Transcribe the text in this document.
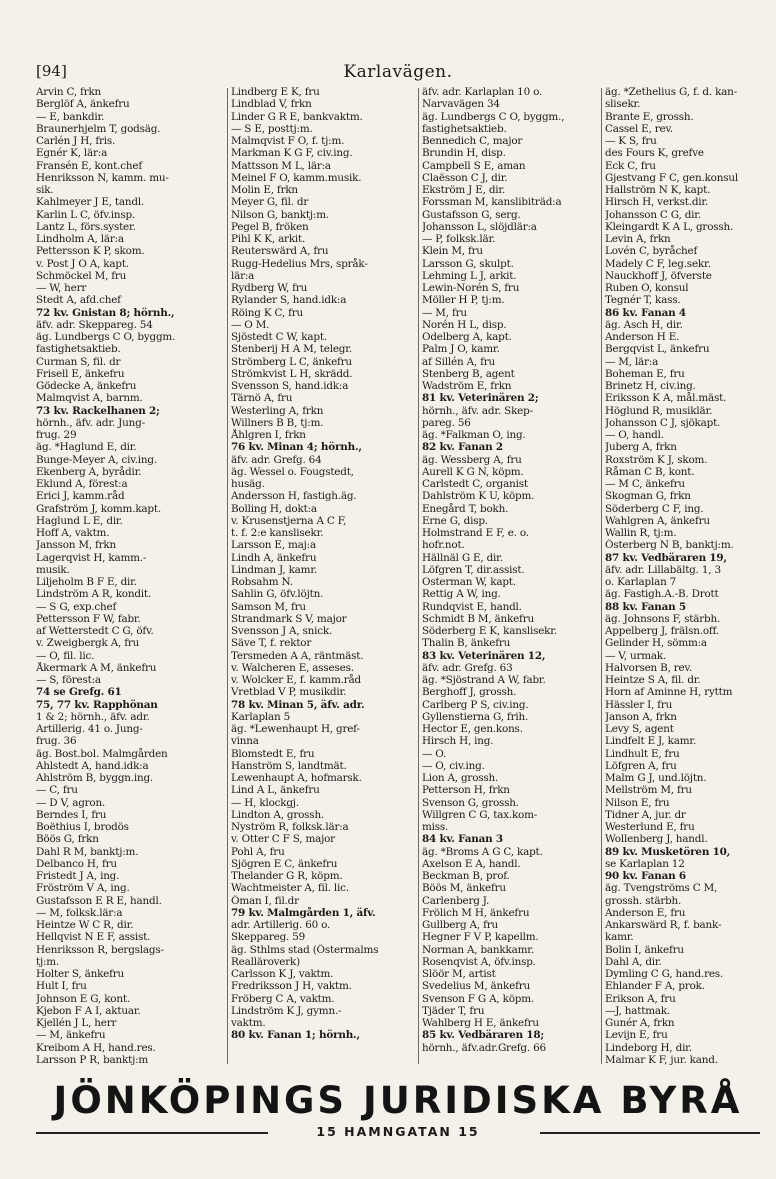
[94]	Karlavägen.
Arvin C, frkn
Berglöf A, änkefru
— E, bankdir.
Braunerhjelm T, godsäg.
Carlén J H, fris.
Egnér K, lär:a
Fransén E, kont.chef
Henriksson N, kamm. mu-
sik.
Kahlmeyer J E, tandl.
Karlin L C, öfv.insp.
Lantz L, förs.syster.
Lindholm A, lär:a
Pettersson K P, skom.
v. Post J O A, kapt.
Schmöckel M, fru
— W, herr
Stedt A, afd.chef
72 kv. Gnistan 8; hörnh.,
äfv. adr. Skeppareg. 54
äg. Lundbergs C O, byggm.
fastighetsaktieb.
Curman S, fil. dr
Frisell E, änkefru
Gödecke A, änkefru
Malmqvist A, barnm.
73 kv. Rackelhanen 2;
hörnh., äfv. adr. Jung-
frug. 29
äg. *Haglund E, dir.
Bunge-Meyer A, civ.ing.
Ekenberg A, byrådir.
Eklund A, förest:a
Erici J, kamm.råd
Grafström J, komm.kapt.
Haglund L E, dir.
Hoff A, vaktm.
Jansson M, frkn
Lagerqvist H, kamm.-
musik.
Liljeholm B F E, dir.
Lindström A R, kondit.
— S G, exp.chef
Pettersson F W, fabr.
af Wetterstedt C G, öfv.
v. Zweigbergk A, fru
— O, fil. lic.
Åkermark A M, änkefru
— S, förest:a
74 se Grefg. 61
75, 77 kv. Rapphönan
1 & 2; hörnh., äfv. adr.
Artillerig. 41 o. Jung-
frug. 36
äg. Bost.bol. Malmgården
Ahlstedt A, hand.idk:a
Ahlström B, byggn.ing.
— C, fru
— D V, agron.
Berndes I, fru
Boëthius I, brodös
Böös G, frkn
Dahl R M, banktj:m.
Delbanco H, fru
Fristedt J A, ing.
Fröström V A, ing.
Gustafsson E R E, handl.
— M, folksk.lär:a
Heintze W C R, dir.
Hellqvist N E F, assist.
Henriksson R, bergslags-
tj:m.
Holter S, änkefru
Hult I, fru
Johnson E G, kont.
Kjebon F A I, aktuar.
Kjellén J L, herr
— M, änkefru
Kreibom A H, hand.res.
Larsson P R, banktj:m
Lindberg E K, fru
Lindblad V, frkn
Linder G R E, bankvaktm.
— S E, posttj:m.
Malmqvist F O, f. tj:m.
Markman K G F, civ.ing.
Mattsson M L, lär:a
Meinel F O, kamm.musik.
Molin E, frkn
Meyer G, fil. dr
Nilson G, banktj:m.
Pegel B, fröken
Pihl K K, arkit.
Reuterswärd A, fru
Rugg-Hedelius Mrs, språk-
lär:a
Rydberg W, fru
Rylander S, hand.idk:a
Röing K C, fru
— O M.
Sjöstedt C W, kapt.
Stenberij H A M, telegr.
Strömberg L C, änkefru
Strömkvist L H, skrädd.
Svensson S, hand.idk:a
Tärnö A, fru
Westerling A, frkn
Willners B B, tj:m.
Åhlgren I, frkn
76 kv. Minan 4; hörnh.,
äfv. adr. Grefg. 64
äg. Wessel o. Fougstedt,
husäg.
Andersson H, fastigh.äg.
Bolling H, dokt:a
v. Krusenstjerna A C F,
t. f. 2:e kanslisekr.
Larsson E, maj:a
Lindh A, änkefru
Lindman J, kamr.
Robsahm N.
Sahlin G, öfv.löjtn.
Samson M, fru
Strandmark S V, major
Svensson J A, snick.
Säve T, f. rektor
Tersmeden A A, räntmäst.
v. Walcheren E, asseses.
v. Wolcker E, f. kamm.råd
Vretblad V P, musikdir.
78 kv. Minan 5, äfv. adr.
Karlaplan 5
äg. *Lewenhaupt H, gref-
vinna
Blomstedt E, fru
Hanström S, landtmät.
Lewenhaupt A, hofmarsk.
Lind A L, änkefru
— H, klockgj.
Lindton A, grossh.
Nyström R, folksk.lär:a
v. Otter C F S, major
Pohl A, fru
Sjögren E C, änkefru
Thelander G R, köpm.
Wachtmeister A, fil. lic.
Öman I, fil.dr
79 kv. Malmgården 1, äfv.
adr. Artillerig. 60 o.
Skeppareg. 59
äg. Sthlms stad (Östermalms
Realläroverk)
Carlsson K J, vaktm.
Fredriksson J H, vaktm.
Fröberg C A, vaktm.
Lindström K J, gymn.-
vaktm.
80 kv. Fanan 1; hörnh.,
äfv. adr. Karlaplan 10 o.
Narvavägen 34
äg. Lundbergs C O, byggm.,
fastighetsaktieb.
Bennedich C, major
Brundin H, disp.
Campbell S E, aman
Claësson C J, dir.
Ekström J E, dir.
Forssman M, kanslibiträd:a
Gustafsson G, serg.
Johansson L, slöjdlär:a
— P, folksk.lär.
Klein M, fru
Larsson G, skulpt.
Lehming L J, arkit.
Lewin-Norén S, fru
Möller H P, tj:m.
— M, fru
Norén H L, disp.
Odelberg A, kapt.
Palm J O, kamr.
af Sillén A, fru
Stenberg B, agent
Wadström E, frkn
81 kv. Veterinären 2;
hörnh., äfv. adr. Skep-
pareg. 56
äg. *Falkman O, ing.
82 kv. Fanan 2
äg. Wessberg A, fru
Aurell K G N, köpm.
Carlstedt C, organist
Dahlström K U, köpm.
Enegård T, bokh.
Erne G, disp.
Holmstrand E F, e. o.
hofr.not.
Hällnäl G E, dir.
Löfgren T, dir.assist.
Osterman W, kapt.
Rettig A W, ing.
Rundqvist E, handl.
Schmidt B M, änkefru
Söderberg E K, kanslisekr.
Thalin B, änkefru
83 kv. Veterinären 12,
äfv. adr. Grefg. 63
äg. *Sjöstrand A W, fabr.
Berghoff J, grossh.
Carlberg P S, civ.ing.
Gyllenstierna G, frih.
Hector E, gen.kons.
Hirsch H, ing.
— O.
— O, civ.ing.
Lion A, grossh.
Petterson H, frkn
Svenson G, grossh.
Willgren C G, tax.kom-
miss.
84 kv. Fanan 3
äg. *Broms A G C, kapt.
Axelson E A, handl.
Beckman B, prof.
Böös M, änkefru
Carlenberg J.
Frölich M H, änkefru
Gullberg A, fru
Hegner F V P, kapellm.
Norman A, bankkamr.
Rosenqvist A, öfv.insp.
Slöör M, artist
Svedelius M, änkefru
Svenson F G A, köpm.
Tjäder T, fru
Wahlberg H E, änkefru
85 kv. Vedbäraren 18;
hörnh., äfv.adr.Grefg. 66
äg. *Zethelius G, f. d. kan-
slisekr.
Brante E, grossh.
Cassel E, rev.
— K S, fru
des Fours K, grefve
Eck C, fru
Gjestvang F C, gen.konsul
Hallström N K, kapt.
Hirsch H, verkst.dir.
Johansson C G, dir.
Kleingardt K A L, grossh.
Levin A, frkn
Lovén C, byråchef
Madely C F, leg.sekr.
Nauckhoff J, öfverste
Ruben O, konsul
Tegnér T, kass.
86 kv. Fanan 4
äg. Asch H, dir.
Anderson H E.
Bergqvist L, änkefru
— M, lär:a
Boheman E, fru
Brinetz H, civ.ing.
Eriksson K A, mål.mäst.
Höglund R, musiklär.
Johansson C J, sjökapt.
— O, handl.
Juberg A, frkn
Roxström K J, skom.
Råman C B, kont.
— M C, änkefru
Skogman G, frkn
Söderberg C F, ing.
Wahlgren A, änkefru
Wallin R, tj:m.
Österberg N B, banktj:m.
87 kv. Vedbäraren 19,
äfv. adr. Lillabältg. 1, 3
o. Karlaplan 7
äg. Fastigh.A.-B. Drott
88 kv. Fanan 5
äg. Johnsons F, stärbh.
Appelberg J, frälsn.off.
Gelinder H, sömm:a
— V, urmak.
Halvorsen B, rev.
Heintze S A, fil. dr.
Horn af Aminne H, ryttm
Hässler I, fru
Janson A, frkn
Levy S, agent
Lindfelt E J, kamr.
Lindhult E, fru
Löfgren A, fru
Malm G J, und.löjtn.
Mellström M, fru
Nilson E, fru
Tidner A, jur. dr
Westerlund E, fru
Wollenberg J, handl.
89 kv. Musketören 10,
se Karlaplan 12
90 kv. Fanan 6
äg. Tvengströms C M,
grossh. stärbh.
Anderson E, fru
Ankarswärd R, f. bank-
kamr.
Bolin I, änkefru
Dahl A, dir.
Dymling C G, hand.res.
Ehlander F A, prok.
Erikson A, fru
—J, hattmak.
Gunér A, frkn
Levijn E, fru
Lindeborg H, dir.
Malmar K F, jur. kand.
JÖNKÖPINGS JURIDISKA BYRÅ
15 HAMNGATAN 15
